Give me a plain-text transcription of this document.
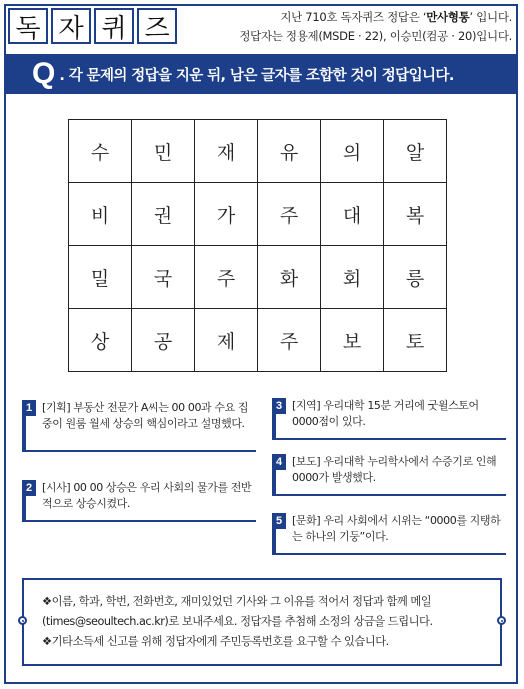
독 자 퀴 즈	지난 710호 독자퀴즈 정답은 ‘만사형통’ 입니다.
정답자는 정용제(MSDE · 22), 이승민(컴공 · 20)입니다.
Q . 각 문제의 정답을 지운 뒤, 남은 글자를 조합한 것이 정답입니다.
수	민	재	유	의	알
비	권	가	주	대	복
밀	국	주	화	회	릉
상	공	제	주	보	토
[기획] 부동산 전문가 A씨는 00 00과 수요 집중이 원룸 월세 상승의 핵심이라고 설명했다.
1
[시사] 00 00 상승은 우리 사회의 물가를 전반적으로 상승시켰다.
2
[지역] 우리대학 15분 거리에 굿윌스토어 0000점이 있다.
3
[보도] 우리대학 누리학사에서 수증기로 인해 0000가 발생했다.
4
[문화] 우리 사회에서 시위는 “0000를 지탱하는 하나의 기둥”이다.
5
❖이름, 학과, 학번, 전화번호, 재미있었던 기사와 그 이유를 적어서 정답과 함께 메일
(times@seoultech.ac.kr)로 보내주세요. 정답자를 추첨해 소정의 상금을 드립니다.
❖기타소득세 신고를 위해 정답자에게 주민등록번호를 요구할 수 있습니다.
